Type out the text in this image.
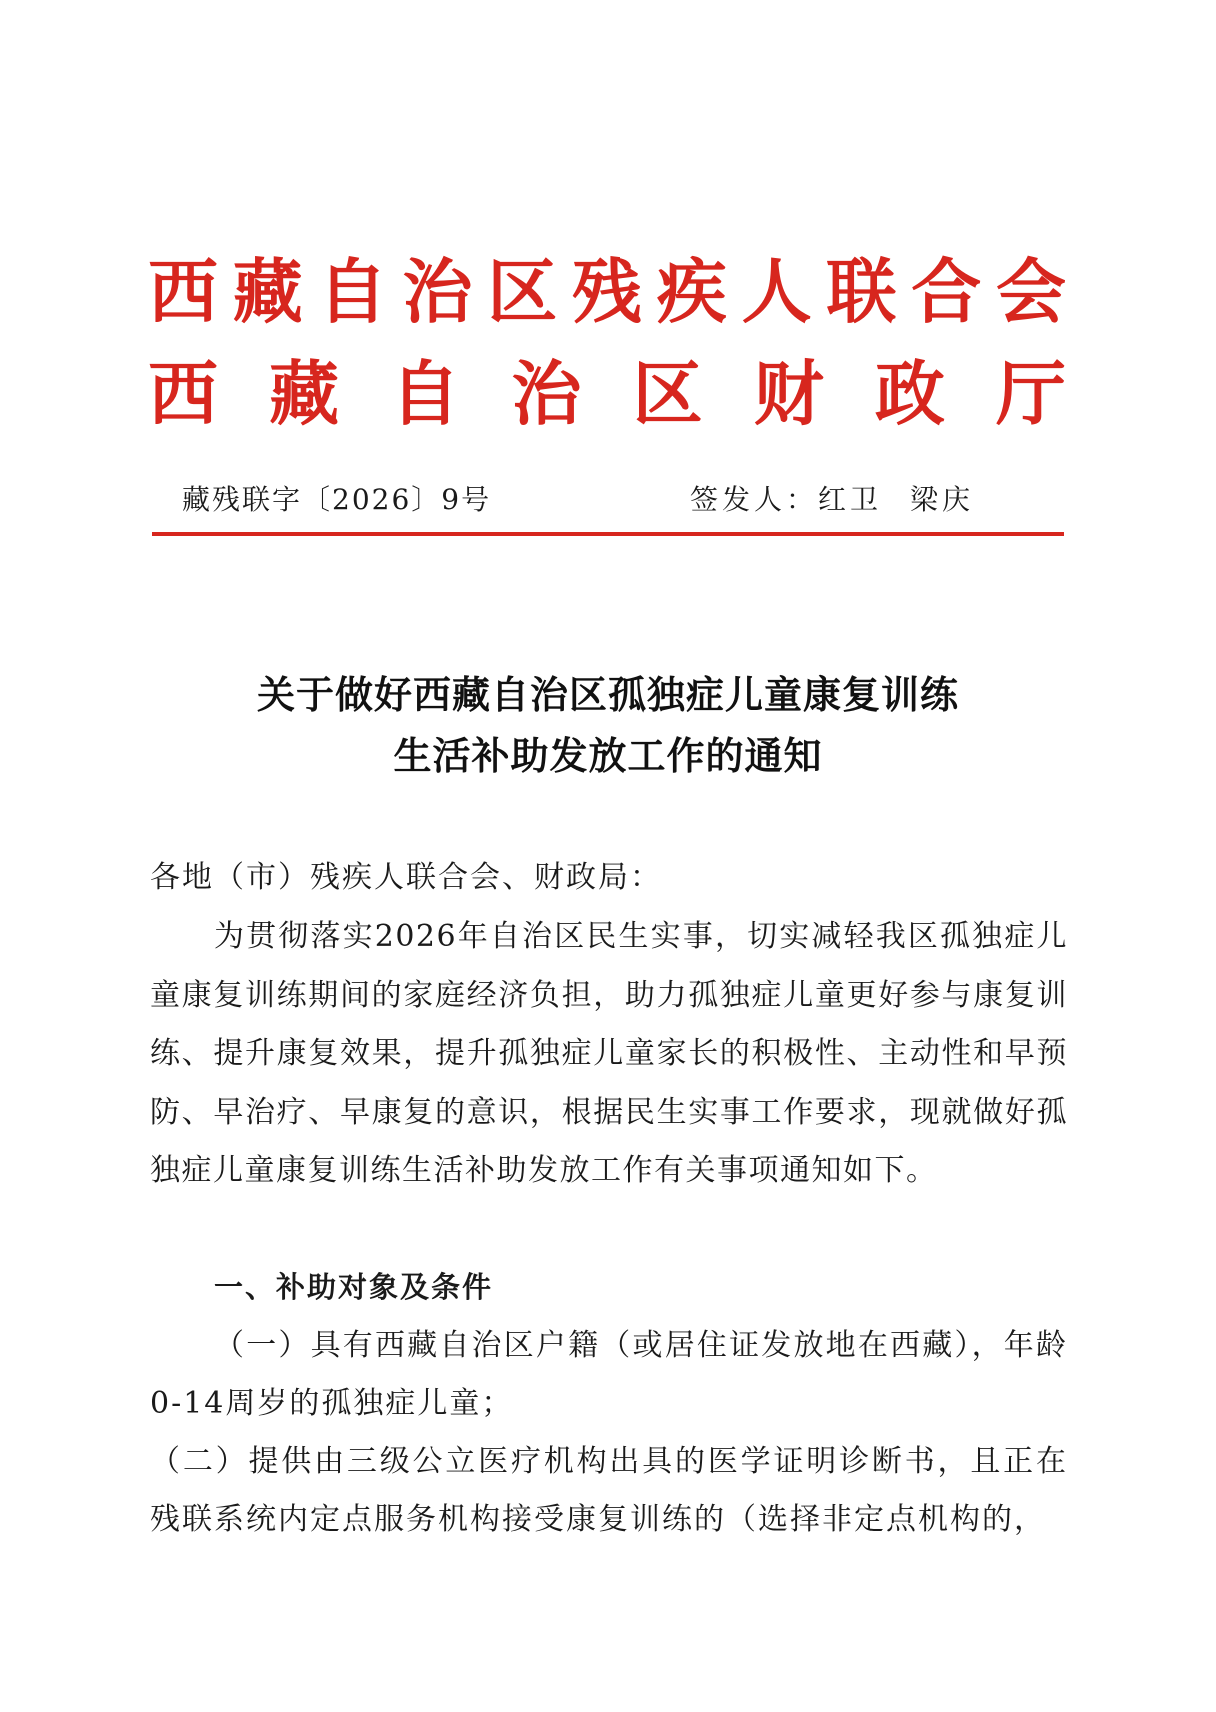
西藏自治区残疾人联合会
西藏自治区财政厅
藏残联字〔2026〕9号	签发人：红卫 梁庆
关于做好西藏自治区孤独症儿童康复训练
生活补助发放工作的通知
各地（市）残疾人联合会、财政局：
为贯彻落实2026年自治区民生实事，切实减轻我区孤独症儿童康复训练期间的家庭经济负担，助力孤独症儿童更好参与康复训练、提升康复效果，提升孤独症儿童家长的积极性、主动性和早预防、早治疗、早康复的意识，根据民生实事工作要求，现就做好孤独症儿童康复训练生活补助发放工作有关事项通知如下。
一、补助对象及条件
（一）具有西藏自治区户籍（或居住证发放地在西藏），年龄0-14周岁的孤独症儿童；
（二）提供由三级公立医疗机构出具的医学证明诊断书，且正在残联系统内定点服务机构接受康复训练的（选择非定点机构的，
